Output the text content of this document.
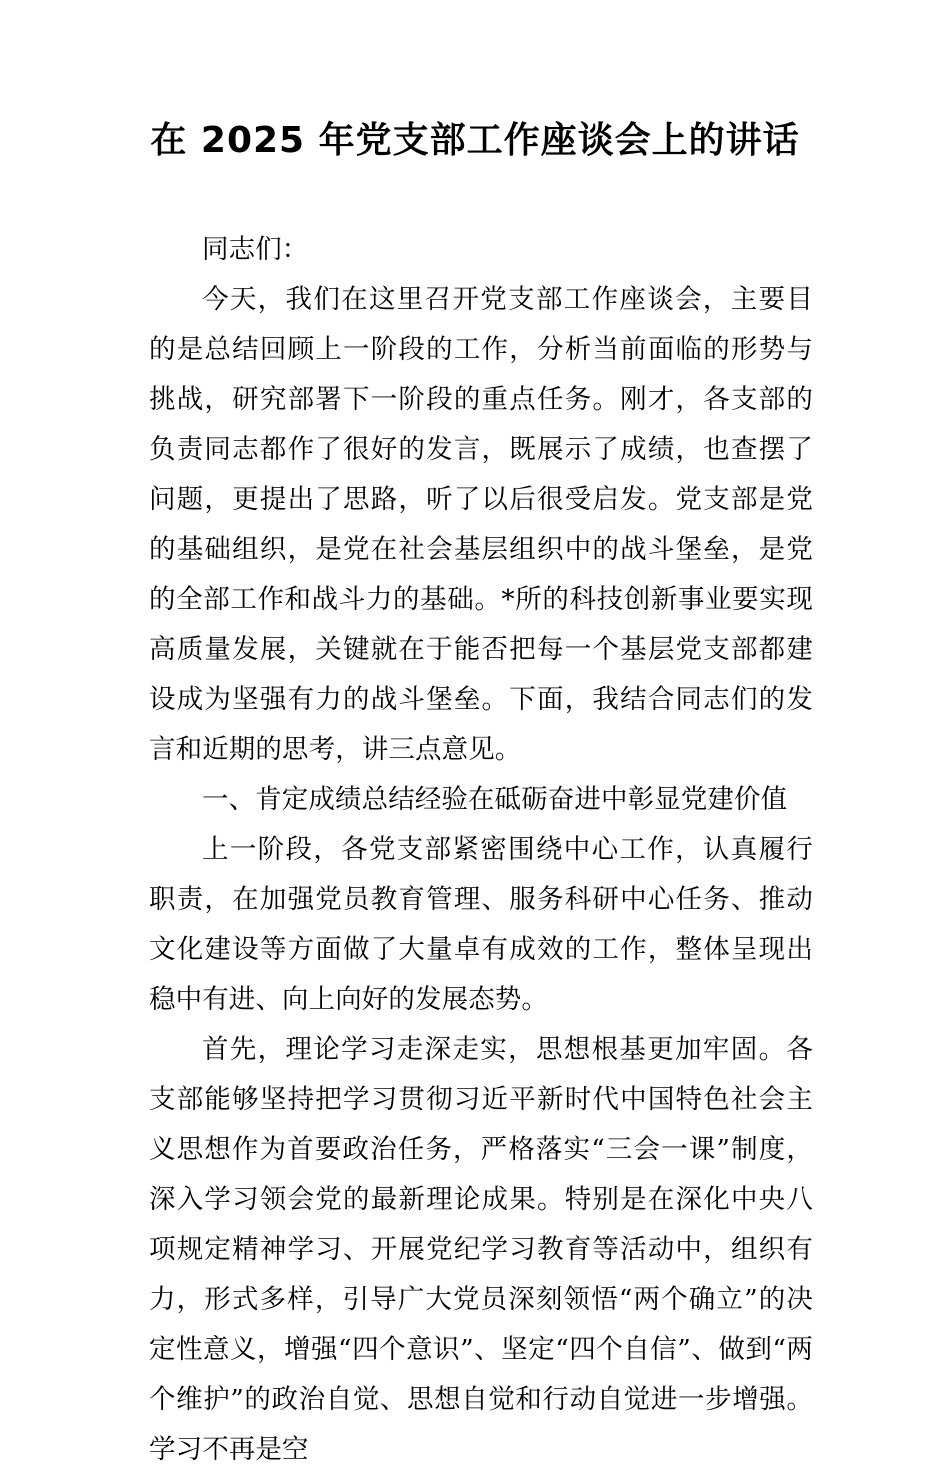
在 2025 年党支部工作座谈会上的讲话

同志们：

今天，我们在这里召开党支部工作座谈会，主要目的是总结回顾上一阶段的工作，分析当前面临的形势与挑战，研究部署下一阶段的重点任务。刚才，各支部的负责同志都作了很好的发言，既展示了成绩，也查摆了问题，更提出了思路，听了以后很受启发。党支部是党的基础组织，是党在社会基层组织中的战斗堡垒，是党的全部工作和战斗力的基础。*所的科技创新事业要实现高质量发展，关键就在于能否把每一个基层党支部都建设成为坚强有力的战斗堡垒。下面，我结合同志们的发言和近期的思考，讲三点意见。

一、肯定成绩总结经验在砥砺奋进中彰显党建价值

上一阶段，各党支部紧密围绕中心工作，认真履行职责，在加强党员教育管理、服务科研中心任务、推动文化建设等方面做了大量卓有成效的工作，整体呈现出稳中有进、向上向好的发展态势。

首先，理论学习走深走实，思想根基更加牢固。各支部能够坚持把学习贯彻习近平新时代中国特色社会主义思想作为首要政治任务，严格落实“三会一课”制度，深入学习领会党的最新理论成果。特别是在深化中央八项规定精神学习、开展党纪学习教育等活动中，组织有力，形式多样，引导广大党员深刻领悟“两个确立”的决定性意义，增强“四个意识”、坚定“四个自信”、做到“两个维护”的政治自觉、思想自觉和行动自觉进一步增强。学习不再是空
